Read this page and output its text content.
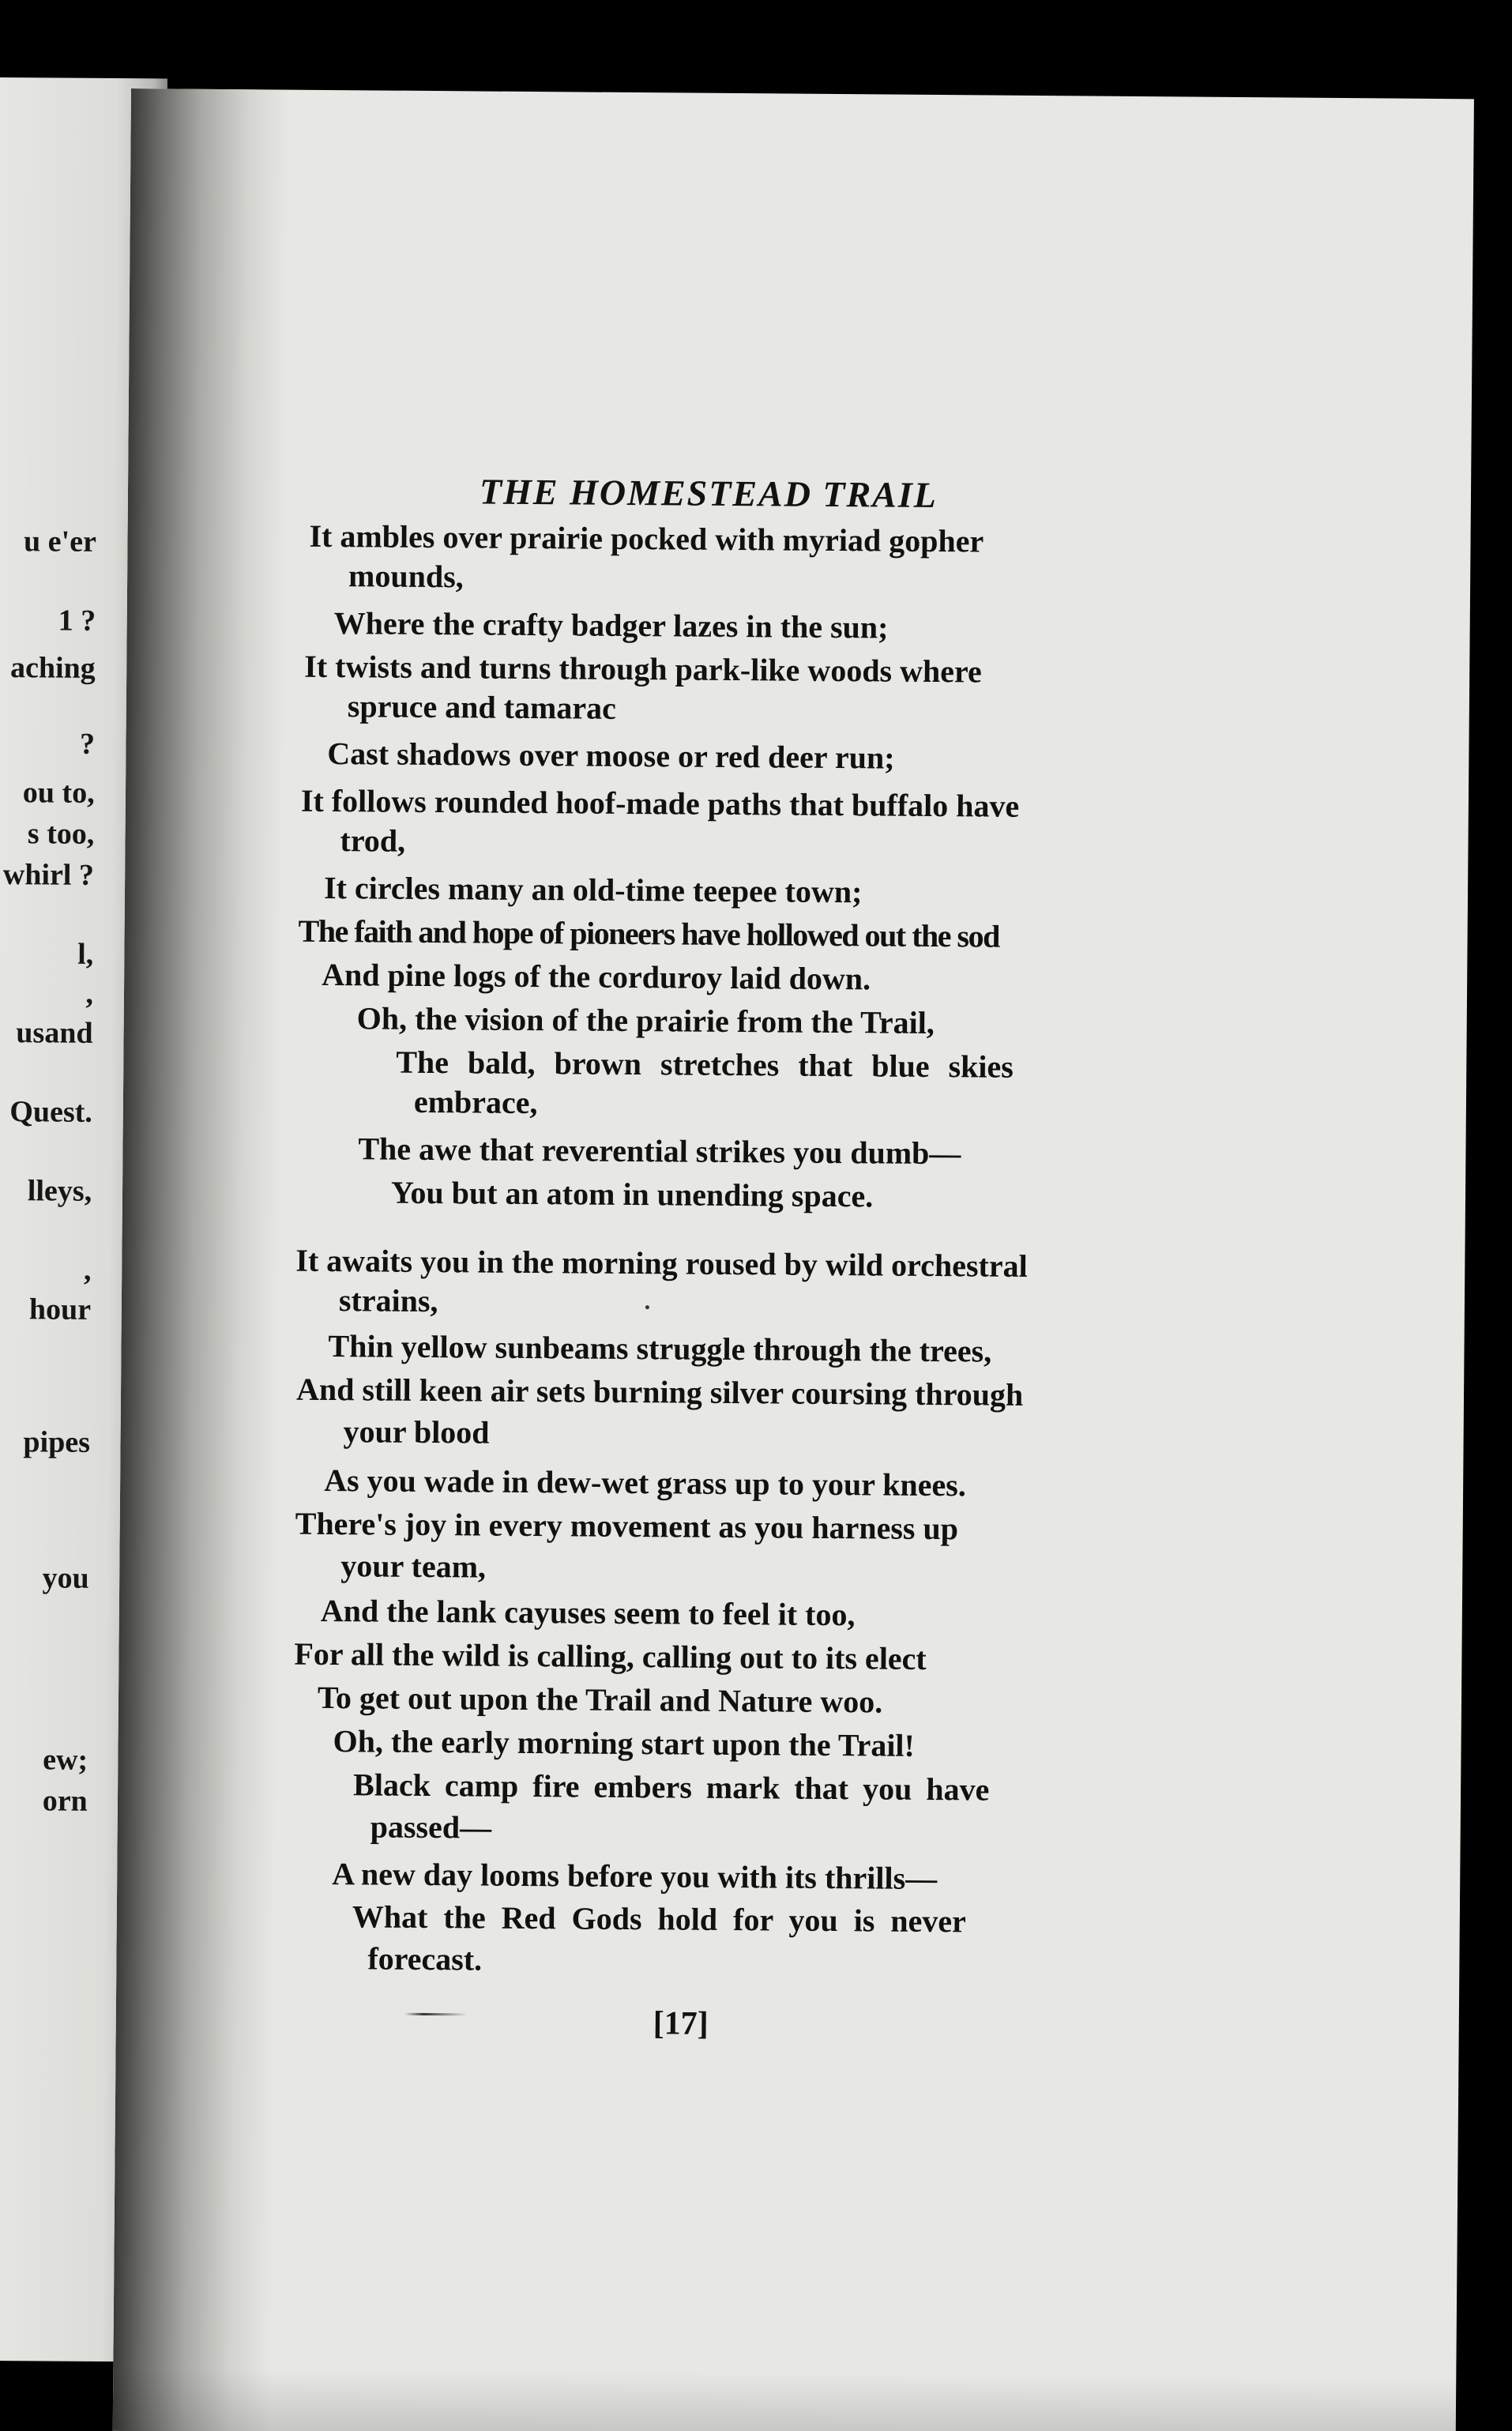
u e'er
1 ?
aching
?
ou to,
s too,
whirl ?
l,
,
usand
Quest.
lleys,
,
hour
pipes
you
ew;
orn
THE HOMESTEAD TRAIL
It ambles over prairie pocked with myriad gopher
mounds,
Where the crafty badger lazes in the sun;
It twists and turns through park-like woods where
spruce and tamarac
Cast shadows over moose or red deer run;
It follows rounded hoof-made paths that buffalo have
trod,
It circles many an old-time teepee town;
The faith and hope of pioneers have hollowed out the sod
And pine logs of the corduroy laid down.
Oh, the vision of the prairie from the Trail,
The bald, brown stretches that blue skies
embrace,
The awe that reverential strikes you dumb—
You but an atom in unending space.
It awaits you in the morning roused by wild orchestral
strains,
Thin yellow sunbeams struggle through the trees,
And still keen air sets burning silver coursing through
your blood
As you wade in dew-wet grass up to your knees.
There's joy in every movement as you harness up
your team,
And the lank cayuses seem to feel it too,
For all the wild is calling, calling out to its elect
To get out upon the Trail and Nature woo.
Oh, the early morning start upon the Trail!
Black camp fire embers mark that you have
passed—
A new day looms before you with its thrills—
What the Red Gods hold for you is never
forecast.
[17]
